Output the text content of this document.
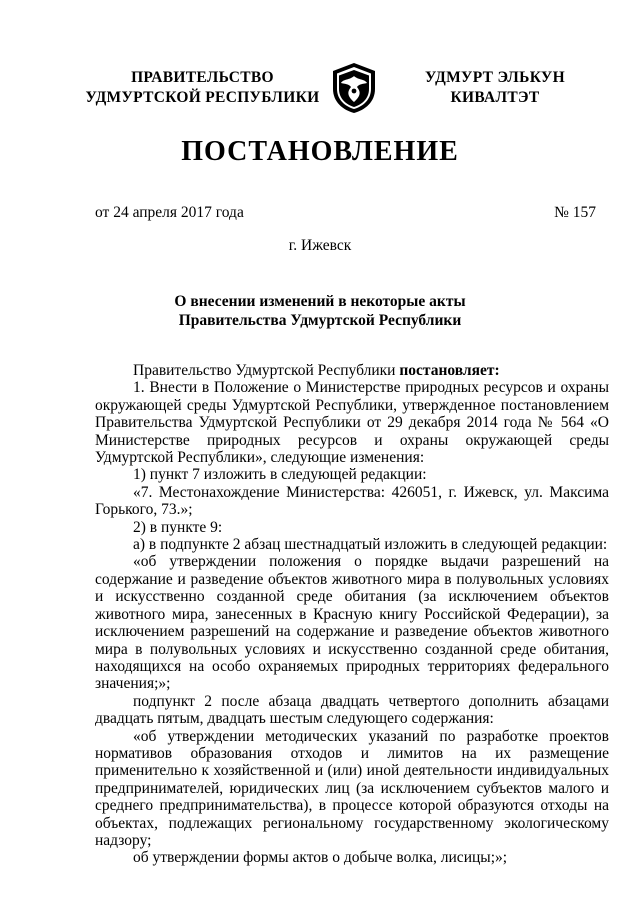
ПРАВИТЕЛЬСТВО
УДМУРТСКОЙ РЕСПУБЛИКИ
УДМУРТ ЭЛЬКУН
КИВАЛТЭТ
ПОСТАНОВЛЕНИЕ
от 24 апреля 2017 года	№ 157
г. Ижевск
О внесении изменений в некоторые акты
Правительства Удмуртской Республики

Правительство Удмуртской Республики постановляет:

1. Внести в Положение о Министерстве природных ресурсов и охраны окружающей среды Удмуртской Республики, утвержденное постановлением Правительства Удмуртской Республики от 29 декабря 2014 года № 564 «О Министерстве природных ресурсов и охраны окружающей среды Удмуртской Республики», следующие изменения:

1) пункт 7 изложить в следующей редакции:

«7. Местонахождение Министерства: 426051, г. Ижевск, ул. Максима Горького, 73.»;

2) в пункте 9:

а) в подпункте 2 абзац шестнадцатый изложить в следующей редакции:

«об утверждении положения о порядке выдачи разрешений на содержание и разведение объектов животного мира в полувольных условиях и искусственно созданной среде обитания (за исключением объектов животного мира, занесенных в Красную книгу Российской Федерации), за исключением разрешений на содержание и разведение объектов животного мира в полувольных условиях и искусственно созданной среде обитания, находящихся на особо охраняемых природных территориях федерального значения;»;

подпункт 2 после абзаца двадцать четвертого дополнить абзацами двадцать пятым, двадцать шестым следующего содержания:

«об утверждении методических указаний по разработке проектов нормативов образования отходов и лимитов на их размещение применительно к хозяйственной и (или) иной деятельности индивидуальных предпринимателей, юридических лиц (за исключением субъектов малого и среднего предпринимательства), в процессе которой образуются отходы на объектах, подлежащих региональному государственному экологическому надзору;

об утверждении формы актов о добыче волка, лисицы;»;
